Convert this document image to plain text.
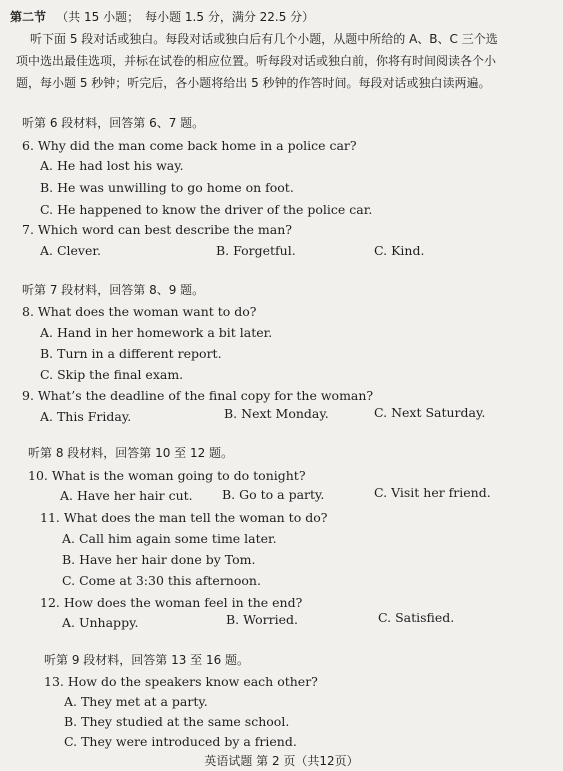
第二节 （共 15 小题；　每小题 1.5 分，满分 22.5 分）
听下面 5 段对话或独白。每段对话或独白后有几个小题，从题中所给的 A、B、C 三个选
项中选出最佳选项，并标在试卷的相应位置。听每段对话或独白前，你将有时间阅读各个小
题，每小题 5 秒钟；听完后，各小题将给出 5 秒钟的作答时间。每段对话或独白读两遍。
听第 6 段材料，回答第 6、7 题。
6. Why did the man come back home in a police car?
A. He had lost his way.
B. He was unwilling to go home on foot.
C. He happened to know the driver of the police car.
7. Which word can best describe the man?
A. Clever.	B. Forgetful.	C. Kind.
听第 7 段材料，回答第 8、9 题。
8. What does the woman want to do?
A. Hand in her homework a bit later.
B. Turn in a different report.
C. Skip the final exam.
9. What’s the deadline of the final copy for the woman?
A. This Friday.	B. Next Monday.	C. Next Saturday.
听第 8 段材料，回答第 10 至 12 题。
10. What is the woman going to do tonight?
A. Have her hair cut. B. Go to a party.	C. Visit her friend.
11. What does the man tell the woman to do?
A. Call him again some time later.
B. Have her hair done by Tom.
C. Come at 3:30 this afternoon.
12. How does the woman feel in the end?
A. Unhappy.	B. Worried.	C. Satisfied.
听第 9 段材料，回答第 13 至 16 题。
13. How do the speakers know each other?
A. They met at a party.
B. They studied at the same school.
C. They were introduced by a friend.
英语试题 第 2 页（共12页）
